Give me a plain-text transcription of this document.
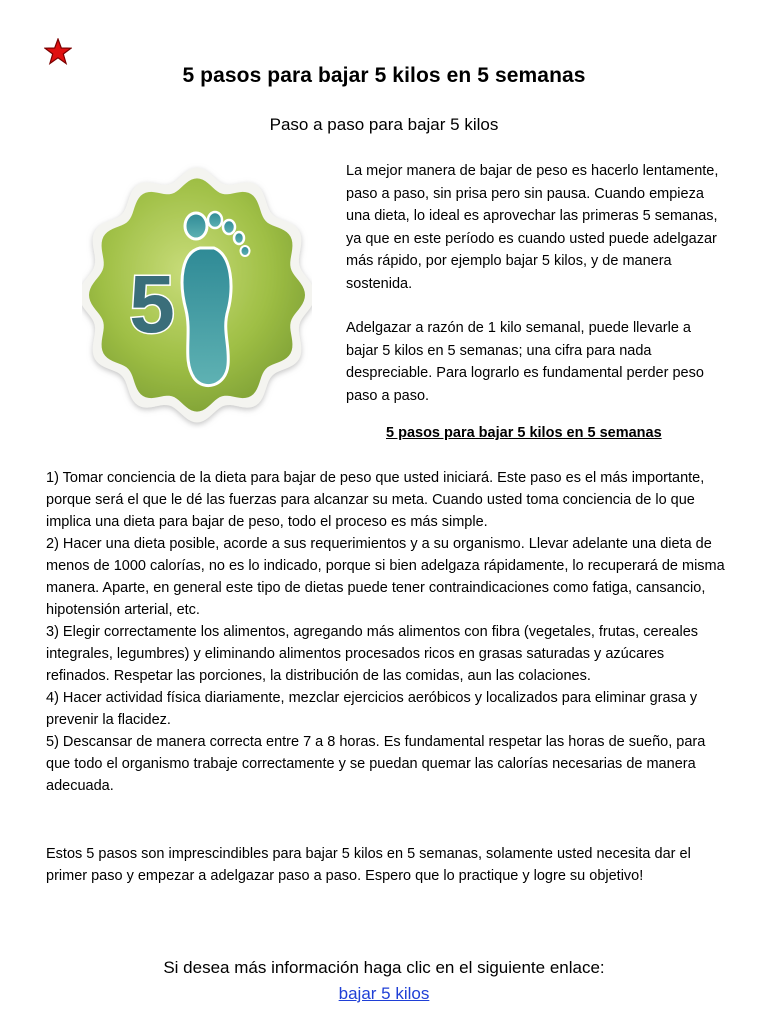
5 pasos para bajar 5 kilos en 5 semanas
Paso a paso para bajar 5 kilos
5

La mejor manera de bajar de peso es hacerlo lentamente, paso a paso, sin prisa pero sin pausa. Cuando empieza una dieta, lo ideal es aprovechar las primeras 5 semanas, ya que en este período es cuando usted puede adelgazar más rápido, por ejemplo bajar 5 kilos, y de manera sostenida.

Adelgazar a razón de 1 kilo semanal, puede llevarle a bajar 5 kilos en 5 semanas; una cifra para nada despreciable. Para lograrlo es fundamental perder peso paso a paso.

5 pasos para bajar 5 kilos en 5 semanas

1) Tomar conciencia de la dieta para bajar de peso que usted iniciará. Este paso es el más importante, porque será el que le dé las fuerzas para alcanzar su meta. Cuando usted toma conciencia de lo que implica una dieta para bajar de peso, todo el proceso es más simple.

2) Hacer una dieta posible, acorde a sus requerimientos y a su organismo. Llevar adelante una dieta de menos de 1000 calorías, no es lo indicado, porque si bien adelgaza rápidamente, lo recuperará de misma manera. Aparte, en general este tipo de dietas puede tener contraindicaciones como fatiga, cansancio, hipotensión arterial, etc.

3) Elegir correctamente los alimentos, agregando más alimentos con fibra (vegetales, frutas, cereales integrales, legumbres) y eliminando alimentos procesados ricos en grasas saturadas y azúcares refinados. Respetar las porciones, la distribución de las comidas, aun las colaciones.

4) Hacer actividad física diariamente, mezclar ejercicios aeróbicos y localizados para eliminar grasa y prevenir la flacidez.

5) Descansar de manera correcta entre 7 a 8 horas. Es fundamental respetar las horas de sueño, para que todo el organismo trabaje correctamente y se puedan quemar las calorías necesarias de manera adecuada.

Estos 5 pasos son imprescindibles para bajar 5 kilos en 5 semanas, solamente usted necesita dar el primer paso y empezar a adelgazar paso a paso. Espero que lo practique y logre su objetivo!
Si desea más información haga clic en el siguiente enlace:
bajar 5 kilos
